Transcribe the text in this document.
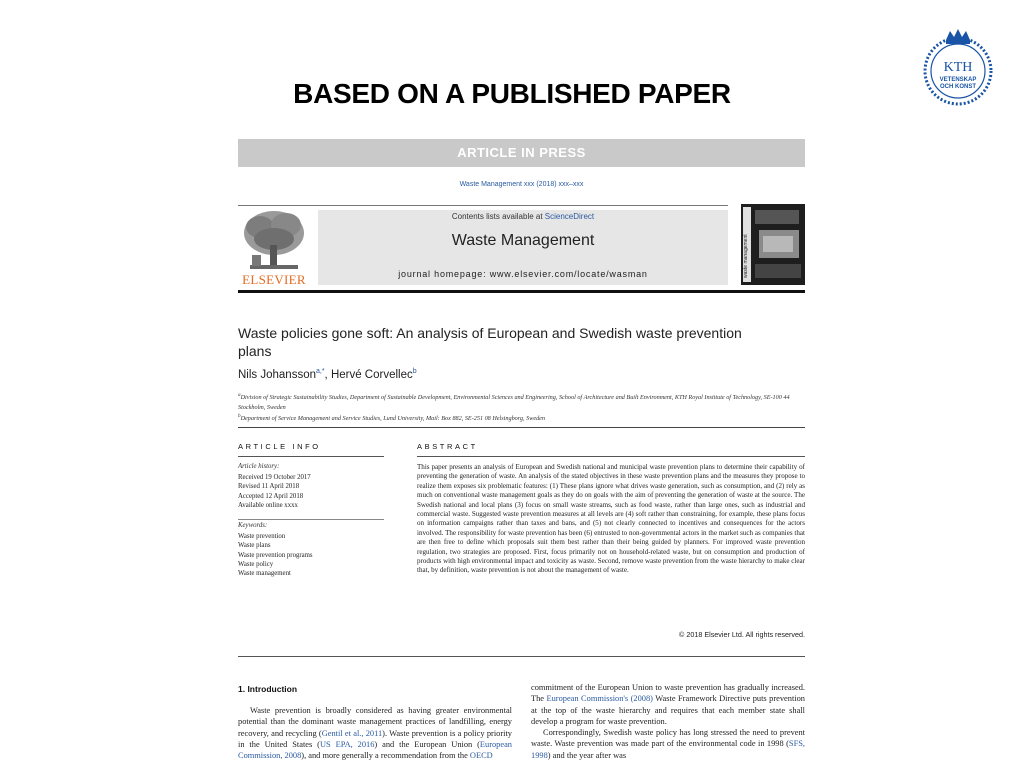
BASED ON A PUBLISHED PAPER
KTH
VETENSKAP
OCH KONST
ARTICLE IN PRESS
Waste Management xxx (2018) xxx–xxx
ELSEVIER
Contents lists available at ScienceDirect
Waste Management
journal homepage: www.elsevier.com/locate/wasman	waste management
Waste policies gone soft: An analysis of European and Swedish waste prevention plans
Nils Johansson$^{a,*}$, Hervé Corvellec$^b$
$^a$Division of Strategic Sustainability Studies, Department of Sustainable Development, Environmental Sciences and Engineering, School of Architecture and Built Environment, KTH Royal Institute of Technology, SE-100 44 Stockholm, Sweden
$^b$Department of Service Management and Service Studies, Lund University, Mail: Box 882, SE-251 08 Helsingborg, Sweden
ARTICLE INFO	ABSTRACT
Article history:
Received 19 October 2017
Revised 11 April 2018
Accepted 12 April 2018
Available online xxxx
Keywords:
Waste prevention
Waste plans
Waste prevention programs
Waste policy
Waste management
This paper presents an analysis of European and Swedish national and municipal waste prevention plans to determine their capability of preventing the generation of waste. An analysis of the stated objectives in these waste prevention plans and the measures they propose to realize them exposes six problematic features: (1) These plans ignore what drives waste generation, such as consumption, and (2) rely as much on conventional waste management goals as they do on goals with the aim of preventing the generation of waste at the source. The Swedish national and local plans (3) focus on small waste streams, such as food waste, rather than large ones, such as industrial and commercial waste. Suggested waste prevention measures at all levels are (4) soft rather than constraining, for example, these plans focus on information campaigns rather than taxes and bans, and (5) not clearly connected to incentives and consequences for the actors involved. The responsibility for waste prevention has been (6) entrusted to non-governmental actors in the market such as companies that are then free to define which proposals suit them best rather than their being guided by planners. For improved waste prevention regulation, two strategies are proposed. First, focus primarily not on household-related waste, but on consumption and production of products with high environmental impact and toxicity as waste. Second, remove waste prevention from the waste hierarchy to make clear that, by definition, waste prevention is not about the management of waste.
© 2018 Elsevier Ltd. All rights reserved.
1. Introduction
Waste prevention is broadly considered as having greater environmental potential than the dominant waste management practices of landfilling, energy recovery, and recycling (Gentil et al., 2011). Waste prevention is a policy priority in the United States (US EPA, 2016) and the European Union (European Commission, 2008), and more generally a recommendation from the OECD
commitment of the European Union to waste prevention has gradually increased. The European Commission's (2008) Waste Framework Directive puts prevention at the top of the waste hierarchy and requires that each member state shall develop a program for waste prevention.
Correspondingly, Swedish waste policy has long stressed the need to prevent waste. Waste prevention was made part of the environmental code in 1998 (SFS, 1998) and the year after was
